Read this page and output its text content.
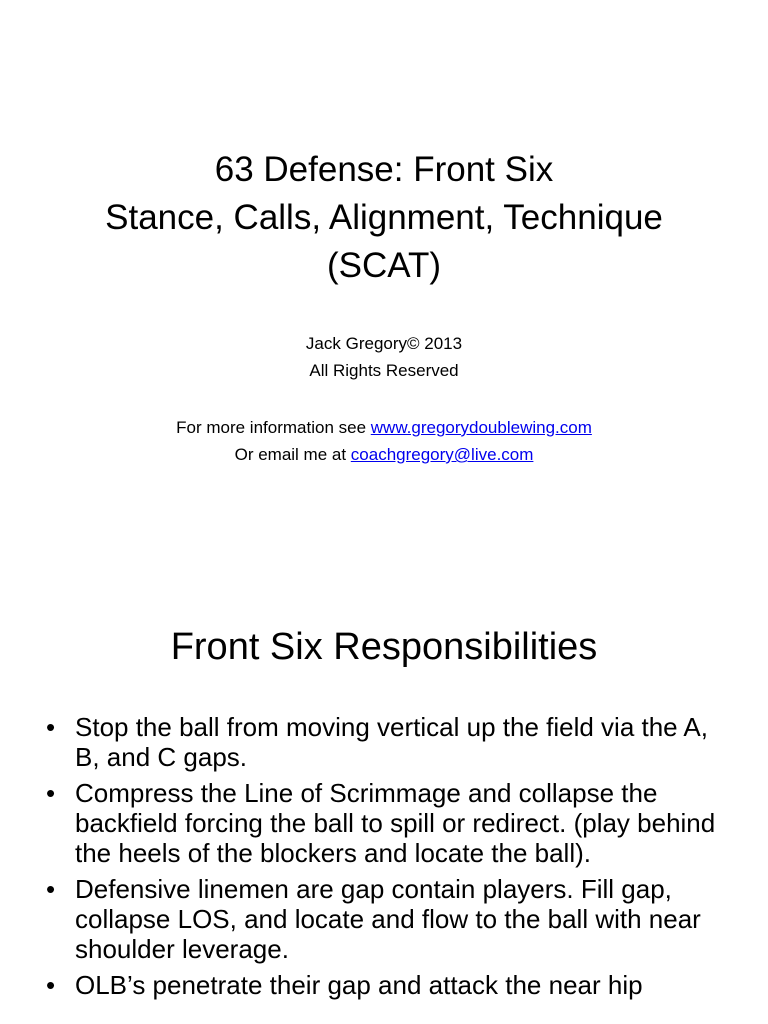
63 Defense: Front Six
Stance, Calls, Alignment, Technique
(SCAT)
Jack Gregory© 2013
All Rights Reserved
For more information see www.gregorydoublewing.com
Or email me at coachgregory@live.com
Front Six Responsibilities
• Stop the ball from moving vertical up the field via the A, B, and C gaps.
• Compress the Line of Scrimmage and collapse the backfield forcing the ball to spill or redirect. (play behind the heels of the blockers and locate the ball).
• Defensive linemen are gap contain players. Fill gap, collapse LOS, and locate and flow to the ball with near shoulder leverage.
• OLB’s penetrate their gap and attack the near hip
